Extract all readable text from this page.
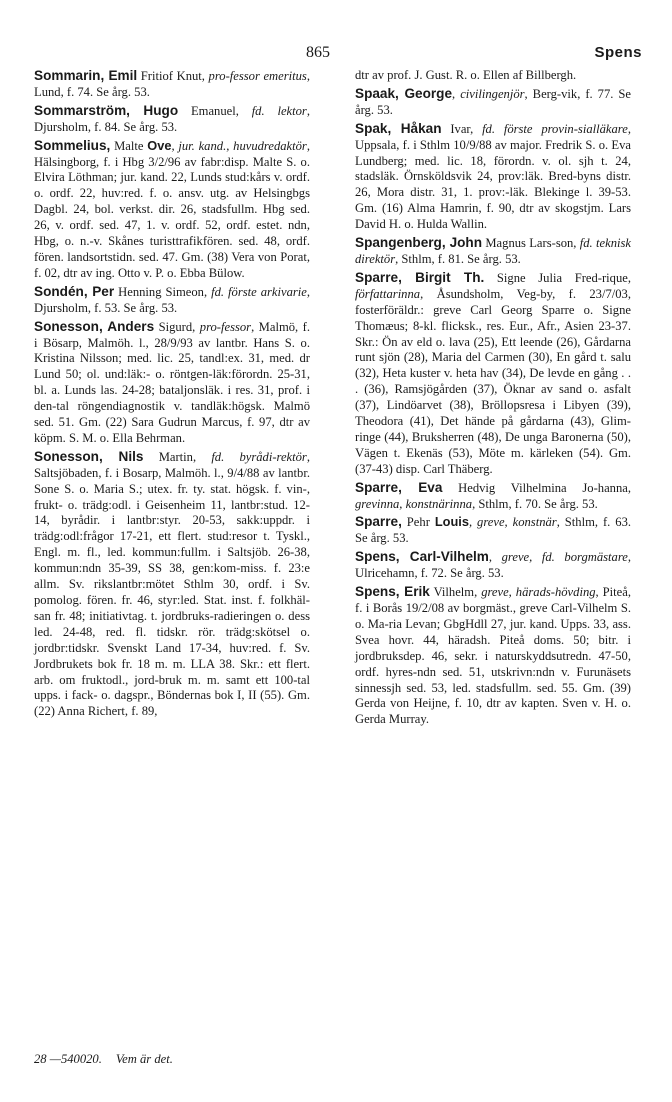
865	Spens

Sommarin, Emil Fritiof Knut, pro-fessor emeritus, Lund, f. 74. Se årg. 53.

Sommarström, Hugo Emanuel, fd. lektor, Djursholm, f. 84. Se årg. 53.

Sommelius, Malte Ove, jur. kand., huvudredaktör, Hälsingborg, f. i Hbg 3/2/96 av fabr:disp. Malte S. o. Elvira Löthman; jur. kand. 22, Lunds stud:kårs v. ordf. o. ordf. 22, huv:red. f. o. ansv. utg. av Helsingbgs Dagbl. 24, bol. verkst. dir. 26, stadsfullm. Hbg sed. 26, v. ordf. sed. 47, 1. v. ordf. 52, ordf. estet. ndn, Hbg, o. n.-v. Skånes turisttrafikfören. sed. 48, ordf. fören. landsortstidn. sed. 47. Gm. (38) Vera von Porat, f. 02, dtr av ing. Otto v. P. o. Ebba Bülow.

Sondén, Per Henning Simeon, fd. förste arkivarie, Djursholm, f. 53. Se årg. 53.

Sonesson, Anders Sigurd, pro-fessor, Malmö, f. i Bösarp, Malmöh. l., 28/9/93 av lantbr. Hans S. o. Kristina Nilsson; med. lic. 25, tandl:ex. 31, med. dr Lund 50; ol. und:läk:- o. röntgen-läk:förordn. 25-31, bl. a. Lunds las. 24-28; bataljonsläk. i res. 31, prof. i den-tal röngendiagnostik v. tandläk:högsk. Malmö sed. 51. Gm. (22) Sara Gudrun Marcus, f. 97, dtr av köpm. S. M. o. Ella Behrman.

Sonesson, Nils Martin, fd. byrådi-rektör, Saltsjöbaden, f. i Bosarp, Malmöh. l., 9/4/88 av lantbr. Sone S. o. Maria S.; utex. fr. ty. stat. högsk. f. vin-, frukt- o. trädg:odl. i Geisenheim 11, lantbr:stud. 12-14, byrådir. i lantbr:styr. 20-53, sakk:uppdr. i trädg:odl:frågor 17-21, ett flert. stud:resor t. Tyskl., Engl. m. fl., led. kommun:fullm. i Saltsjöb. 26-38, kommun:ndn 35-39, SS 38, gen:kom-miss. f. 23:e allm. Sv. rikslantbr:mötet Sthlm 30, ordf. i Sv. pomolog. fören. fr. 46, styr:led. Stat. inst. f. folkhäl-san fr. 48; initiativtag. t. jordbruks-radieringen o. dess led. 24-48, red. fl. tidskr. rör. trädg:skötsel o. jordbr:tidskr. Svenskt Land 17-34, huv:red. f. Sv. Jordbrukets bok fr. 18 m. m. LLA 38. Skr.: ett flert. arb. om fruktodl., jord-bruk m. m. samt ett 100-tal upps. i fack- o. dagspr., Böndernas bok I, II (55). Gm. (22) Anna Richert, f. 89,

dtr av prof. J. Gust. R. o. Ellen af Billbergh.

Spaak, George, civilingenjör, Berg-vik, f. 77. Se årg. 53.

Spak, Håkan Ivar, fd. förste provin-sialläkare, Uppsala, f. i Sthlm 10/9/88 av major. Fredrik S. o. Eva Lundberg; med. lic. 18, förordn. v. ol. sjh t. 24, stadsläk. Örnsköldsvik 24, prov:läk. Bred-byns distr. 26, Mora distr. 31, 1. prov:-läk. Blekinge l. 39-53. Gm. (16) Alma Hamrin, f. 90, dtr av skogstjm. Lars David H. o. Hulda Wallin.

Spangenberg, John Magnus Lars-son, fd. teknisk direktör, Sthlm, f. 81. Se årg. 53.

Sparre, Birgit Th. Signe Julia Fred-rique, författarinna, Åsundsholm, Veg-by, f. 23/7/03, fosterföräldr.: greve Carl Georg Sparre o. Signe Thomæus; 8-kl. flicksk., res. Eur., Afr., Asien 23-37. Skr.: Ön av eld o. lava (25), Ett leende (26), Gårdarna runt sjön (28), Maria del Carmen (30), En gård t. salu (32), Heta kuster v. heta hav (34), De levde en gång . . . (36), Ramsjögården (37), Öknar av sand o. asfalt (37), Lindöarvet (38), Bröllopsresa i Libyen (39), Theodora (41), Det hände på gårdarna (43), Glim-ringe (44), Bruksherren (48), De unga Baronerna (50), Vägen t. Ekenäs (53), Möte m. kärleken (54). Gm. (37-43) disp. Carl Thäberg.

Sparre, Eva Hedvig Vilhelmina Jo-hanna, grevinna, konstnärinna, Sthlm, f. 70. Se årg. 53.

Sparre, Pehr Louis, greve, konstnär, Sthlm, f. 63. Se årg. 53.

Spens, Carl-Vilhelm, greve, fd. borgmästare, Ulricehamn, f. 72. Se årg. 53.

Spens, Erik Vilhelm, greve, härads-hövding, Piteå, f. i Borås 19/2/08 av borgmäst., greve Carl-Vilhelm S. o. Ma-ria Levan; GbgHdll 27, jur. kand. Upps. 33, ass. Svea hovr. 44, häradsh. Piteå doms. 50; bitr. i jordbruksdep. 46, sekr. i naturskyddsutredn. 47-50, ordf. hyres-ndn sed. 51, utskrivn:ndn v. Furunäsets sinnessjh sed. 53, led. stadsfullm. sed. 55. Gm. (39) Gerda von Heijne, f. 10, dtr av kapten. Sven v. H. o. Gerda Murray.

28 —540020. Vem är det.
